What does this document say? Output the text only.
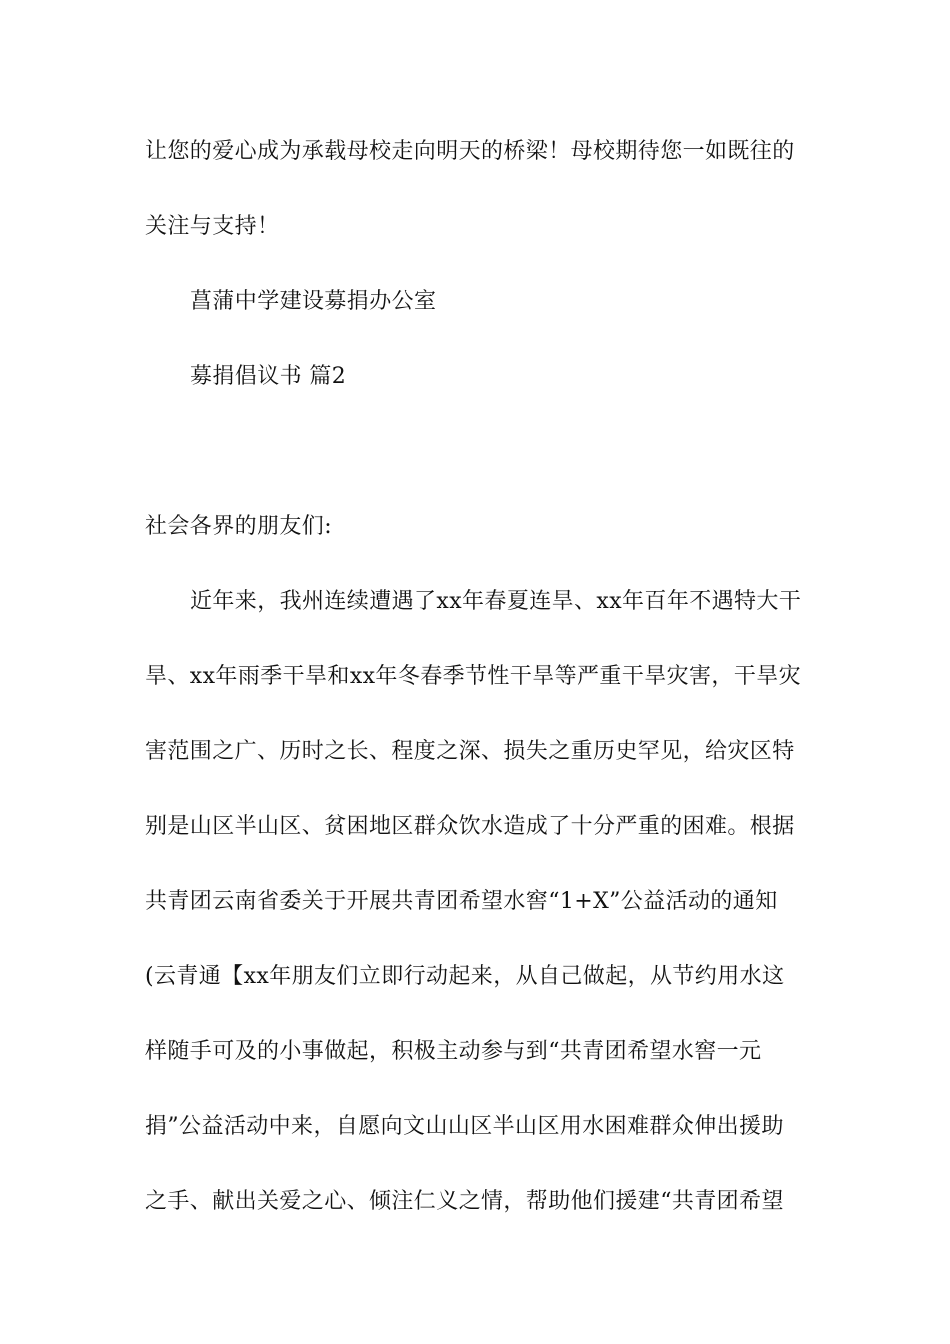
让您的爱心成为承载母校走向明天的桥梁！母校期待您一如既往的
关注与支持！
菖蒲中学建设募捐办公室
募捐倡议书 篇2
社会各界的朋友们:
近年来，我州连续遭遇了xx年春夏连旱、xx年百年不遇特大干
旱、xx年雨季干旱和xx年冬春季节性干旱等严重干旱灾害，干旱灾
害范围之广、历时之长、程度之深、损失之重历史罕见，给灾区特
别是山区半山区、贫困地区群众饮水造成了十分严重的困难。根据
共青团云南省委关于开展共青团希望水窖“1+X”公益活动的通知
(云青通【xx年朋友们立即行动起来，从自己做起，从节约用水这
样随手可及的小事做起，积极主动参与到“共青团希望水窖一元
捐”公益活动中来，自愿向文山山区半山区用水困难群众伸出援助
之手、献出关爱之心、倾注仁义之情，帮助他们援建“共青团希望
